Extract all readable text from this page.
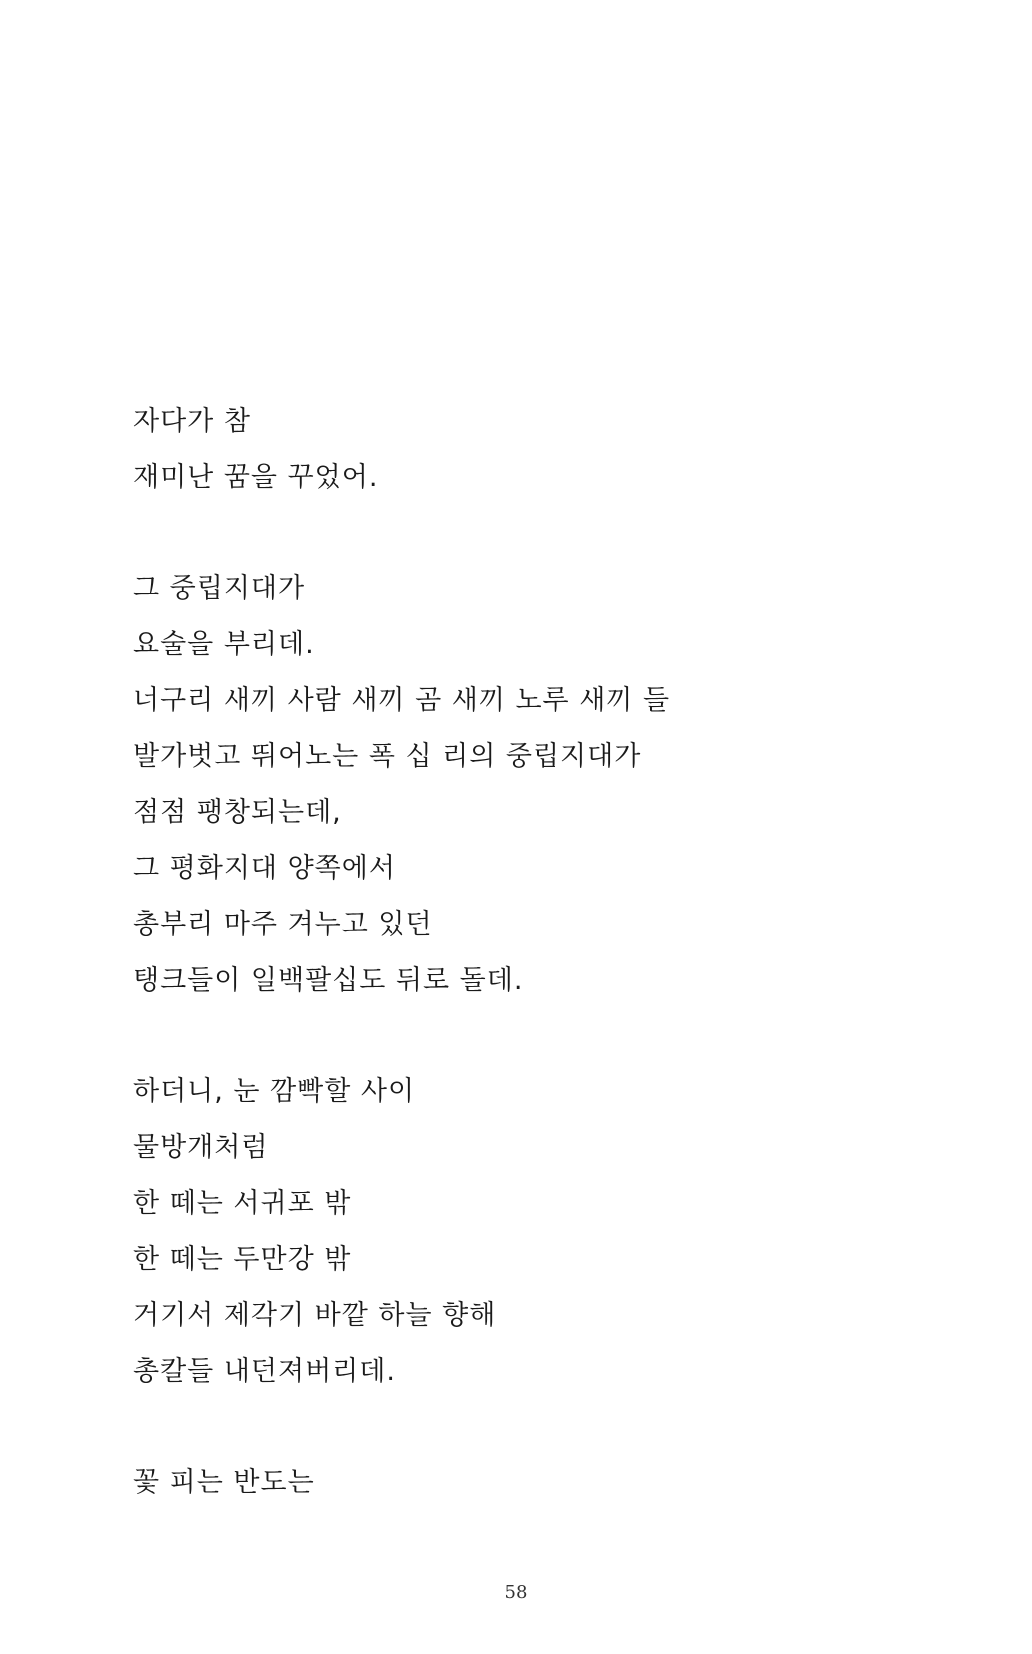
자다가 참
재미난 꿈을 꾸었어.
그 중립지대가
요술을 부리데.
너구리 새끼 사람 새끼 곰 새끼 노루 새끼 들
발가벗고 뛰어노는 폭 십 리의 중립지대가
점점 팽창되는데,
그 평화지대 양쪽에서
총부리 마주 겨누고 있던
탱크들이 일백팔십도 뒤로 돌데.
하더니, 눈 깜빡할 사이
물방개처럼
한 떼는 서귀포 밖
한 떼는 두만강 밖
거기서 제각기 바깥 하늘 향해
총칼들 내던져버리데.
꽃 피는 반도는
58
